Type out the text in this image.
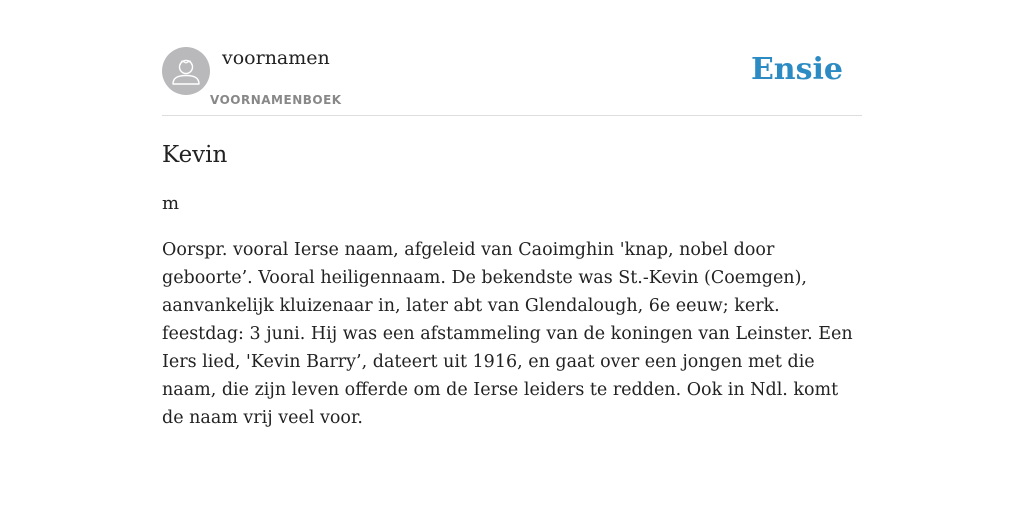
voornamen
VOORNAMENBOEK
Ensie
Kevin

m

Oorspr. vooral Ierse naam, afgeleid van Caoimghin 'knap, nobel door geboorte’. Vooral heiligennaam. De bekendste was St.-Kevin (Coemgen), aanvankelijk kluizenaar in, later abt van Glendalough, 6e eeuw; kerk. feestdag: 3 juni. Hij was een afstammeling van de koningen van Leinster. Een Iers lied, 'Kevin Barry’, dateert uit 1916, en gaat over een jongen met die naam, die zijn leven offerde om de Ierse leiders te redden. Ook in Ndl. komt de naam vrij veel voor.
